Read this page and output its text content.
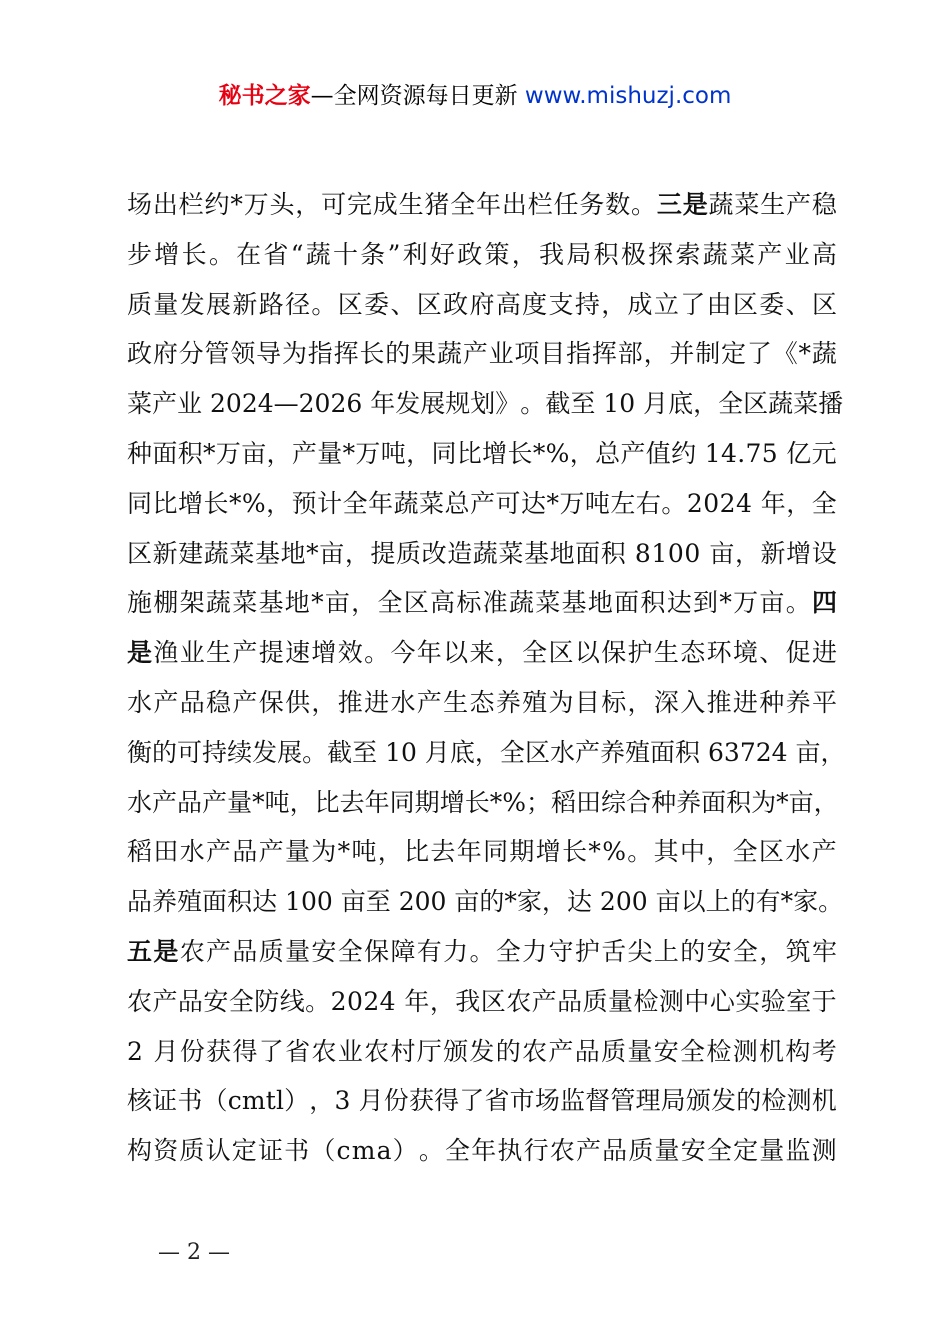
秘书之家—全网资源每日更新 www.mishuzj.com
场 出 栏 约 * 万 头 ， 可 完 成 生 猪 全 年 出 栏 任 务 数 。 三 是 蔬 菜 生 产 稳
步 增 长 。 在 省 “ 蔬 十 条 ” 利 好 政 策 ， 我 局 积 极 探 索 蔬 菜 产 业 高
质 量 发 展 新 路 径 。 区 委 、 区 政 府 高 度 支 持 ， 成 立 了 由 区 委 、 区
政 府 分 管 领 导 为 指 挥 长 的 果 蔬 产 业 项 目 指 挥 部 ， 并 制 定 了 《 * 蔬
菜 产 业
2 0 2 4 — 2 0 2 6
年 发 展 规 划 》 。 截 至
1 0
月 底 ， 全 区 蔬 菜 播
种 面 积 * 万 亩 ， 产 量 * 万 吨 ， 同 比 增 长 * % ， 总 产 值 约
1 4 . 7 5
亿 元
同 比 增 长 * % ， 预 计 全 年 蔬 菜 总 产 可 达 * 万 吨 左 右 。 2 0 2 4
年 ， 全
区 新 建 蔬 菜 基 地 * 亩 ， 提 质 改 造 蔬 菜 基 地 面 积
8 1 0 0
亩 ， 新 增 设
施 棚 架 蔬 菜 基 地 * 亩 ， 全 区 高 标 准 蔬 菜 基 地 面 积 达 到 * 万 亩 。 四
是 渔 业 生 产 提 速 增 效 。 今 年 以 来 ， 全 区 以 保 护 生 态 环 境 、 促 进
水 产 品 稳 产 保 供 ， 推 进 水 产 生 态 养 殖 为 目 标 ， 深 入 推 进 种 养 平
衡 的 可 持 续 发 展 。 截 至
1 0
月 底 ， 全 区 水 产 养 殖 面 积
6 3 7 2 4
亩 ，
水 产 品 产 量 * 吨 ， 比 去 年 同 期 增 长 * % ； 稻 田 综 合 种 养 面 积 为 * 亩 ，
稻 田 水 产 品 产 量 为 * 吨 ， 比 去 年 同 期 增 长 * % 。 其 中 ， 全 区 水 产
品 养 殖 面 积 达
1 0 0
亩 至
2 0 0
亩 的 * 家 ， 达
2 0 0
亩 以 上 的 有 * 家 。
五 是 农 产 品 质 量 安 全 保 障 有 力 。 全 力 守 护 舌 尖 上 的 安 全 ， 筑 牢
农 产 品 安 全 防 线 。 2 0 2 4
年 ， 我 区 农 产 品 质 量 检 测 中 心 实 验 室 于
2
月 份 获 得 了 省 农 业 农 村 厅 颁 发 的 农 产 品 质 量 安 全 检 测 机 构 考
核 证 书 （ c m t l ） ， 3
月 份 获 得 了 省 市 场 监 督 管 理 局 颁 发 的 检 测 机
构 资 质 认 定 证 书 （ c m a ） 。 全 年 执 行 农 产 品 质 量 安 全 定 量 监 测
— 2 —
